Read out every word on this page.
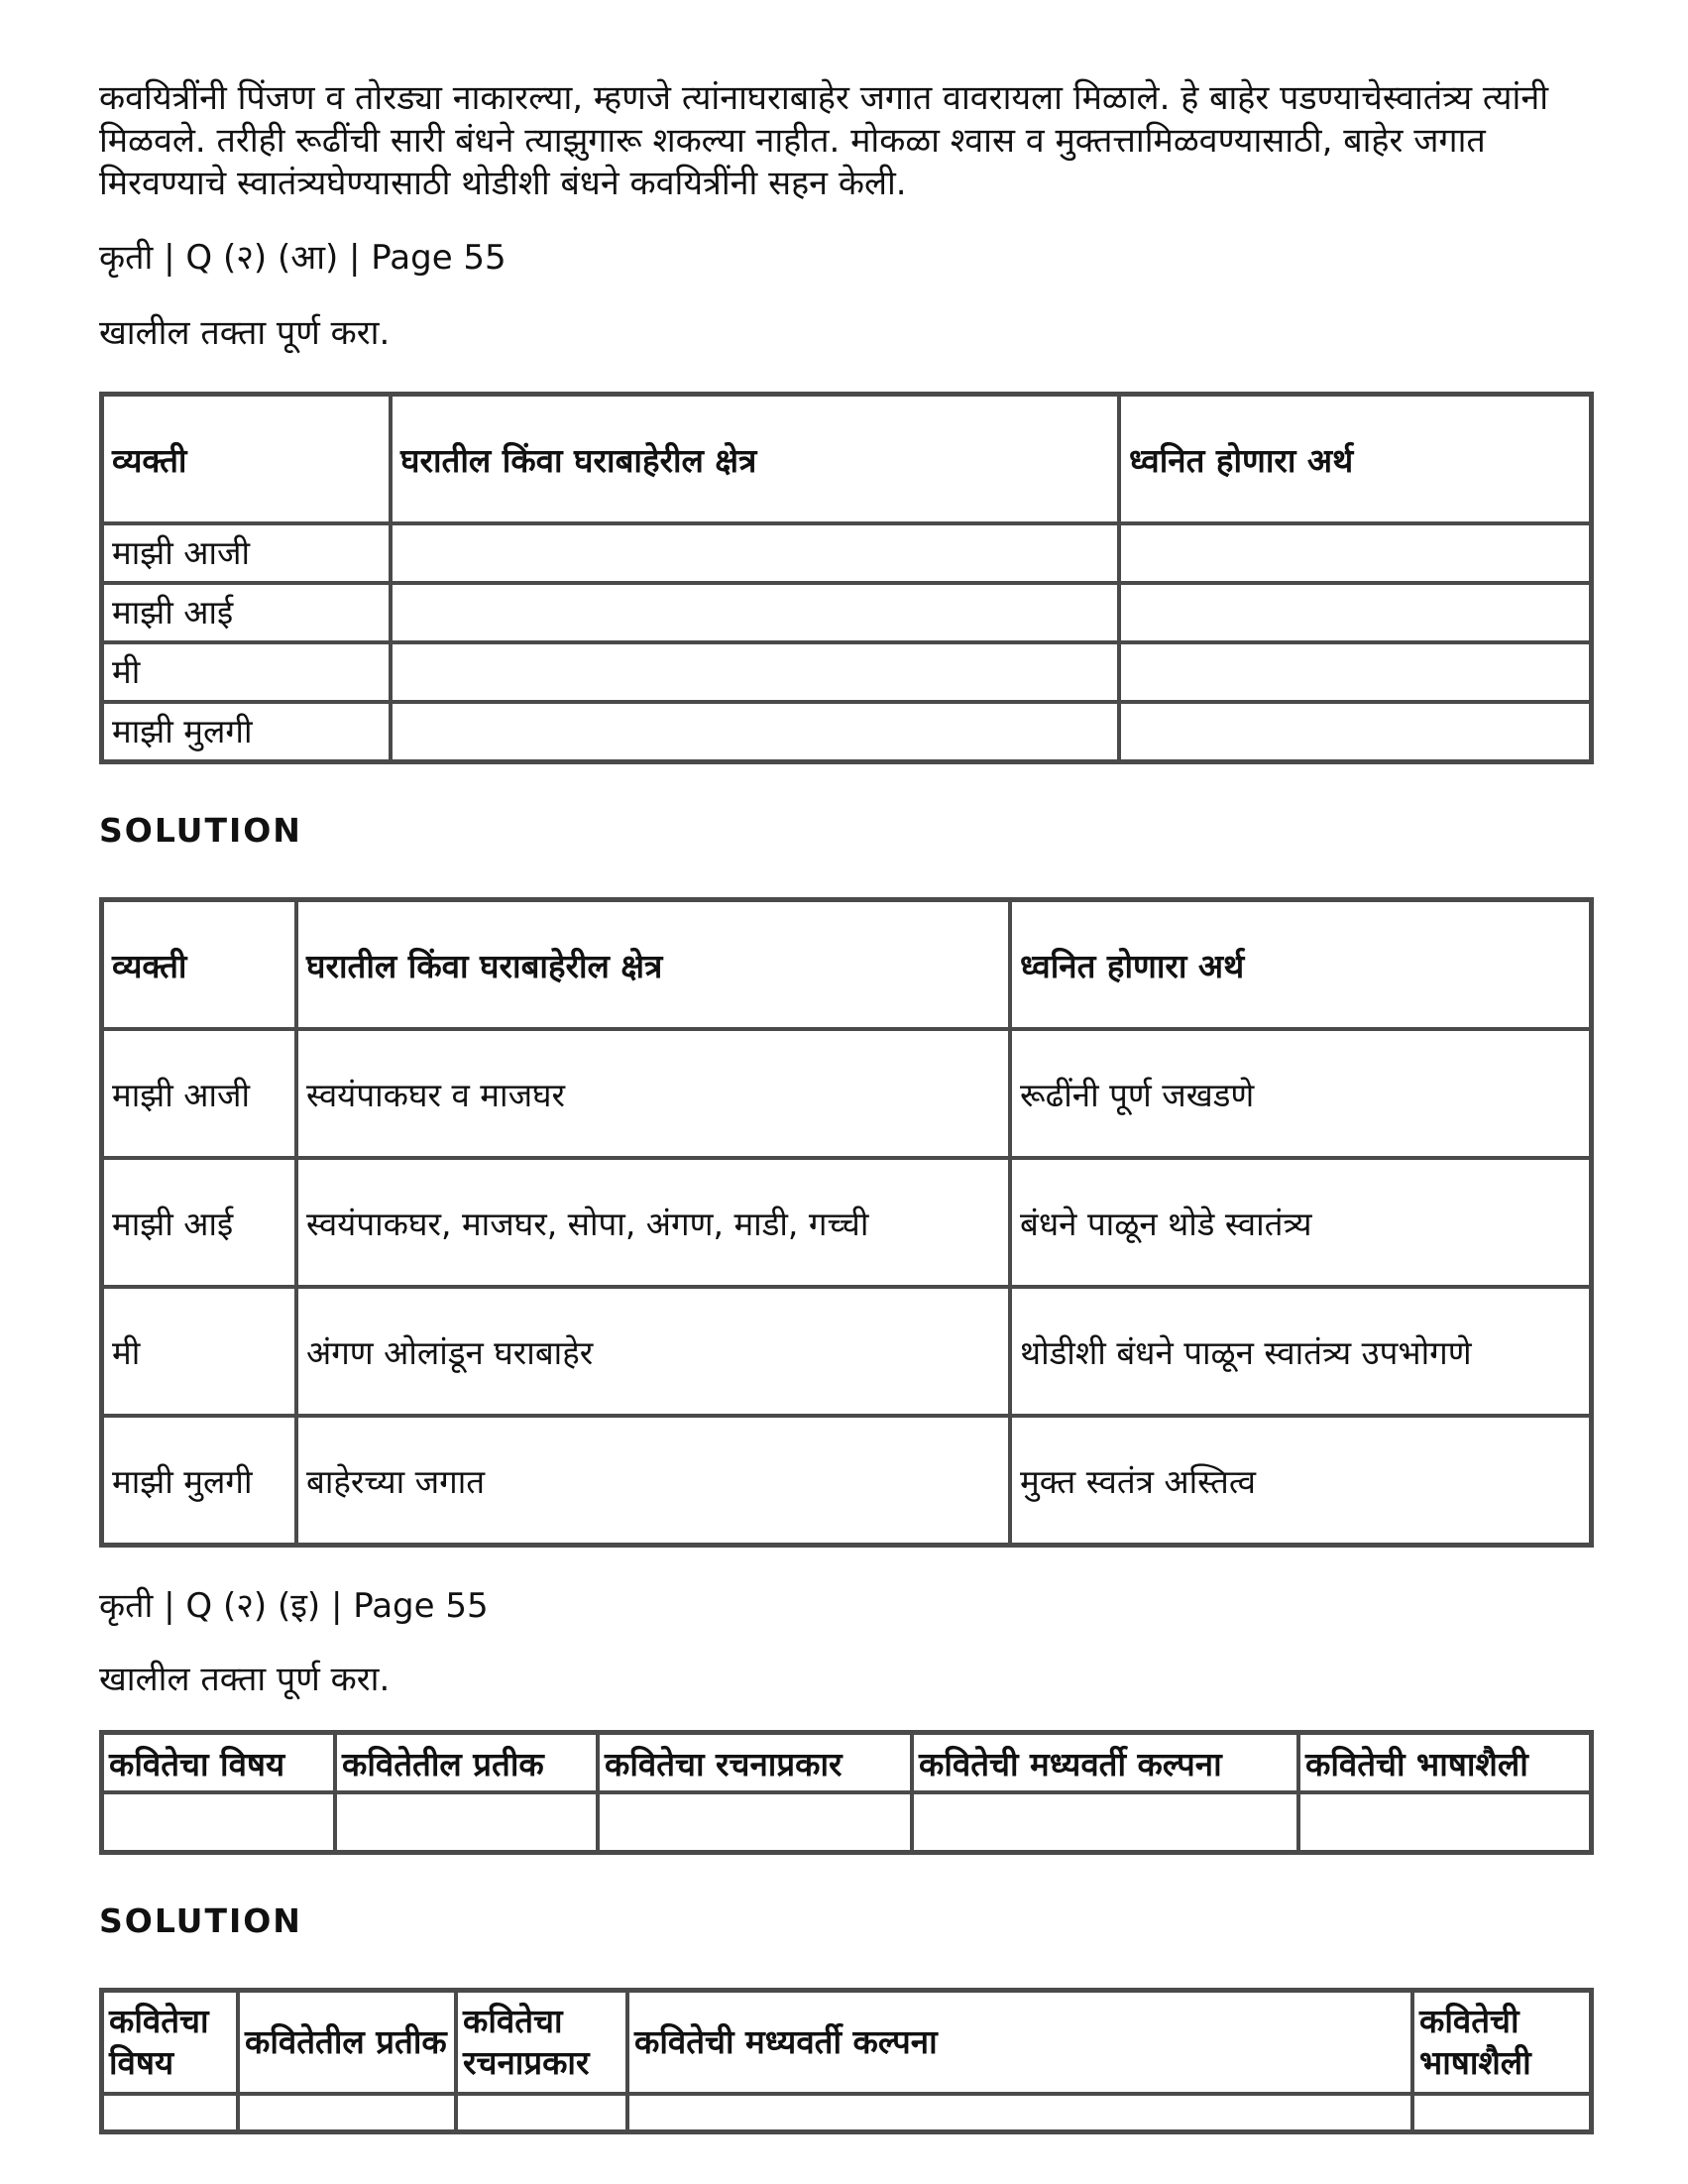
कवयित्रींनी पिंजण व तोरड्या नाकारल्या, म्हणजे त्यांनाघराबाहेर जगात वावरायला मिळाले. हे बाहेर पडण्याचेस्वातंत्र्य त्यांनी मिळवले. तरीही रूढींची सारी बंधने त्याझुगारू शकल्या नाहीत. मोकळा श्वास व मुक्तत्तामिळवण्यासाठी, बाहेर जगात मिरवण्याचे स्वातंत्र्यघेण्यासाठी थोडीशी बंधने कवयित्रींनी सहन केली.

कृती | Q (२) (आ) | Page 55

खालील तक्ता पूर्ण करा.

व्यक्ती	घरातील किंवा घराबाहेरील क्षेत्र	ध्वनित होणारा अर्थ
माझी आजी		
माझी आई		
मी		
माझी मुलगी		

SOLUTION

व्यक्ती	घरातील किंवा घराबाहेरील क्षेत्र	ध्वनित होणारा अर्थ
माझी आजी	स्वयंपाकघर व माजघर	रूढींनी पूर्ण जखडणे
माझी आई	स्वयंपाकघर, माजघर, सोपा, अंगण, माडी, गच्ची	बंधने पाळून थोडे स्वातंत्र्य
मी	अंगण ओलांडून घराबाहेर	थोडीशी बंधने पाळून स्वातंत्र्य उपभोगणे
माझी मुलगी	बाहेरच्या जगात	मुक्त स्वतंत्र अस्तित्व

कृती | Q (२) (इ) | Page 55

खालील तक्ता पूर्ण करा.

कवितेचा विषय	कवितेतील प्रतीक	कवितेचा रचनाप्रकार	कवितेची मध्यवर्ती कल्पना	कवितेची भाषाशैली

SOLUTION

कवितेचा विषय	कवितेतील प्रतीक	कवितेचा रचनाप्रकार	कवितेची मध्यवर्ती कल्पना	कवितेची भाषाशैली
